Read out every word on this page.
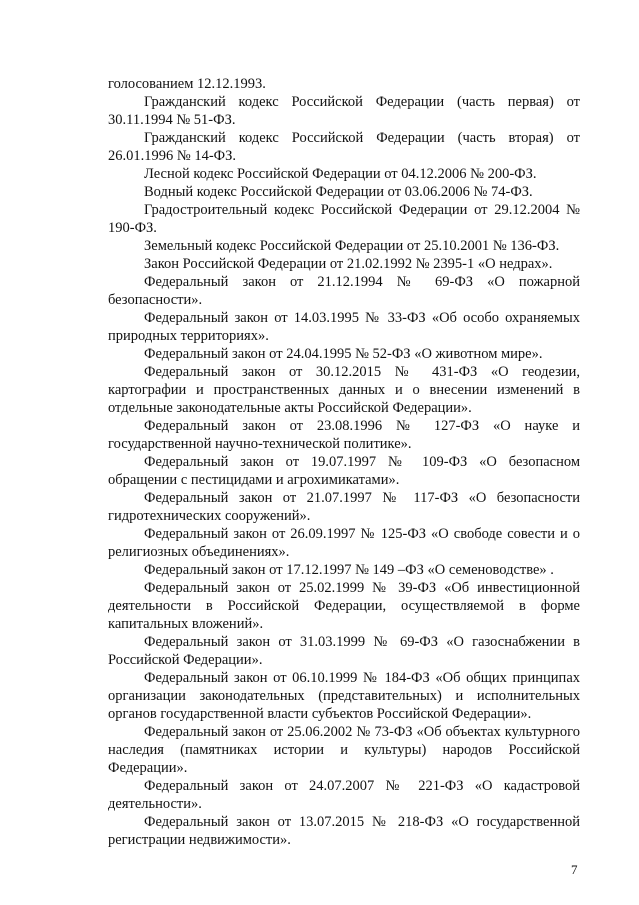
голосованием 12.12.1993.

Гражданский кодекс Российской Федерации (часть первая) от 30.11.1994 № 51-ФЗ.

Гражданский кодекс Российской Федерации (часть вторая) от 26.01.1996 № 14-ФЗ.

Лесной кодекс Российской Федерации от 04.12.2006 № 200-ФЗ.

Водный кодекс Российской Федерации от 03.06.2006 № 74-ФЗ.

Градостроительный кодекс Российской Федерации от 29.12.2004 № 190-ФЗ.

Земельный кодекс Российской Федерации от 25.10.2001 № 136-ФЗ.

Закон Российской Федерации от 21.02.1992 № 2395-1 «О недрах».

Федеральный закон от 21.12.1994 № 69-ФЗ «О пожарной безопасности».

Федеральный закон от 14.03.1995 № 33-ФЗ «Об особо охраняемых природных территориях».

Федеральный закон от 24.04.1995 № 52-ФЗ «О животном мире».

Федеральный закон от 30.12.2015 № 431-ФЗ «О геодезии, картографии и пространственных данных и о внесении изменений в отдельные законодательные акты Российской Федерации».

Федеральный закон от 23.08.1996 № 127-ФЗ «О науке и государственной научно-технической политике».

Федеральный закон от 19.07.1997 № 109-ФЗ «О безопасном обращении с пестицидами и агрохимикатами».

Федеральный закон от 21.07.1997 № 117-ФЗ «О безопасности гидротехнических сооружений».

Федеральный закон от 26.09.1997 № 125-ФЗ «О свободе совести и о религиозных объединениях».

Федеральный закон от 17.12.1997 № 149 –ФЗ «О семеноводстве» .

Федеральный закон от 25.02.1999 № 39-ФЗ «Об инвестиционной деятельности в Российской Федерации, осуществляемой в форме капитальных вложений».

Федеральный закон от 31.03.1999 № 69-ФЗ «О газоснабжении в Российской Федерации».

Федеральный закон от 06.10.1999 № 184-ФЗ «Об общих принципах организации законодательных (представительных) и исполнительных органов государственной власти субъектов Российской Федерации».

Федеральный закон от 25.06.2002 № 73-ФЗ «Об объектах культурного наследия (памятниках истории и культуры) народов Российской Федерации».

Федеральный закон от 24.07.2007 № 221-ФЗ «О кадастровой деятельности».

Федеральный закон от 13.07.2015 № 218-ФЗ «О государственной регистрации недвижимости».

7
